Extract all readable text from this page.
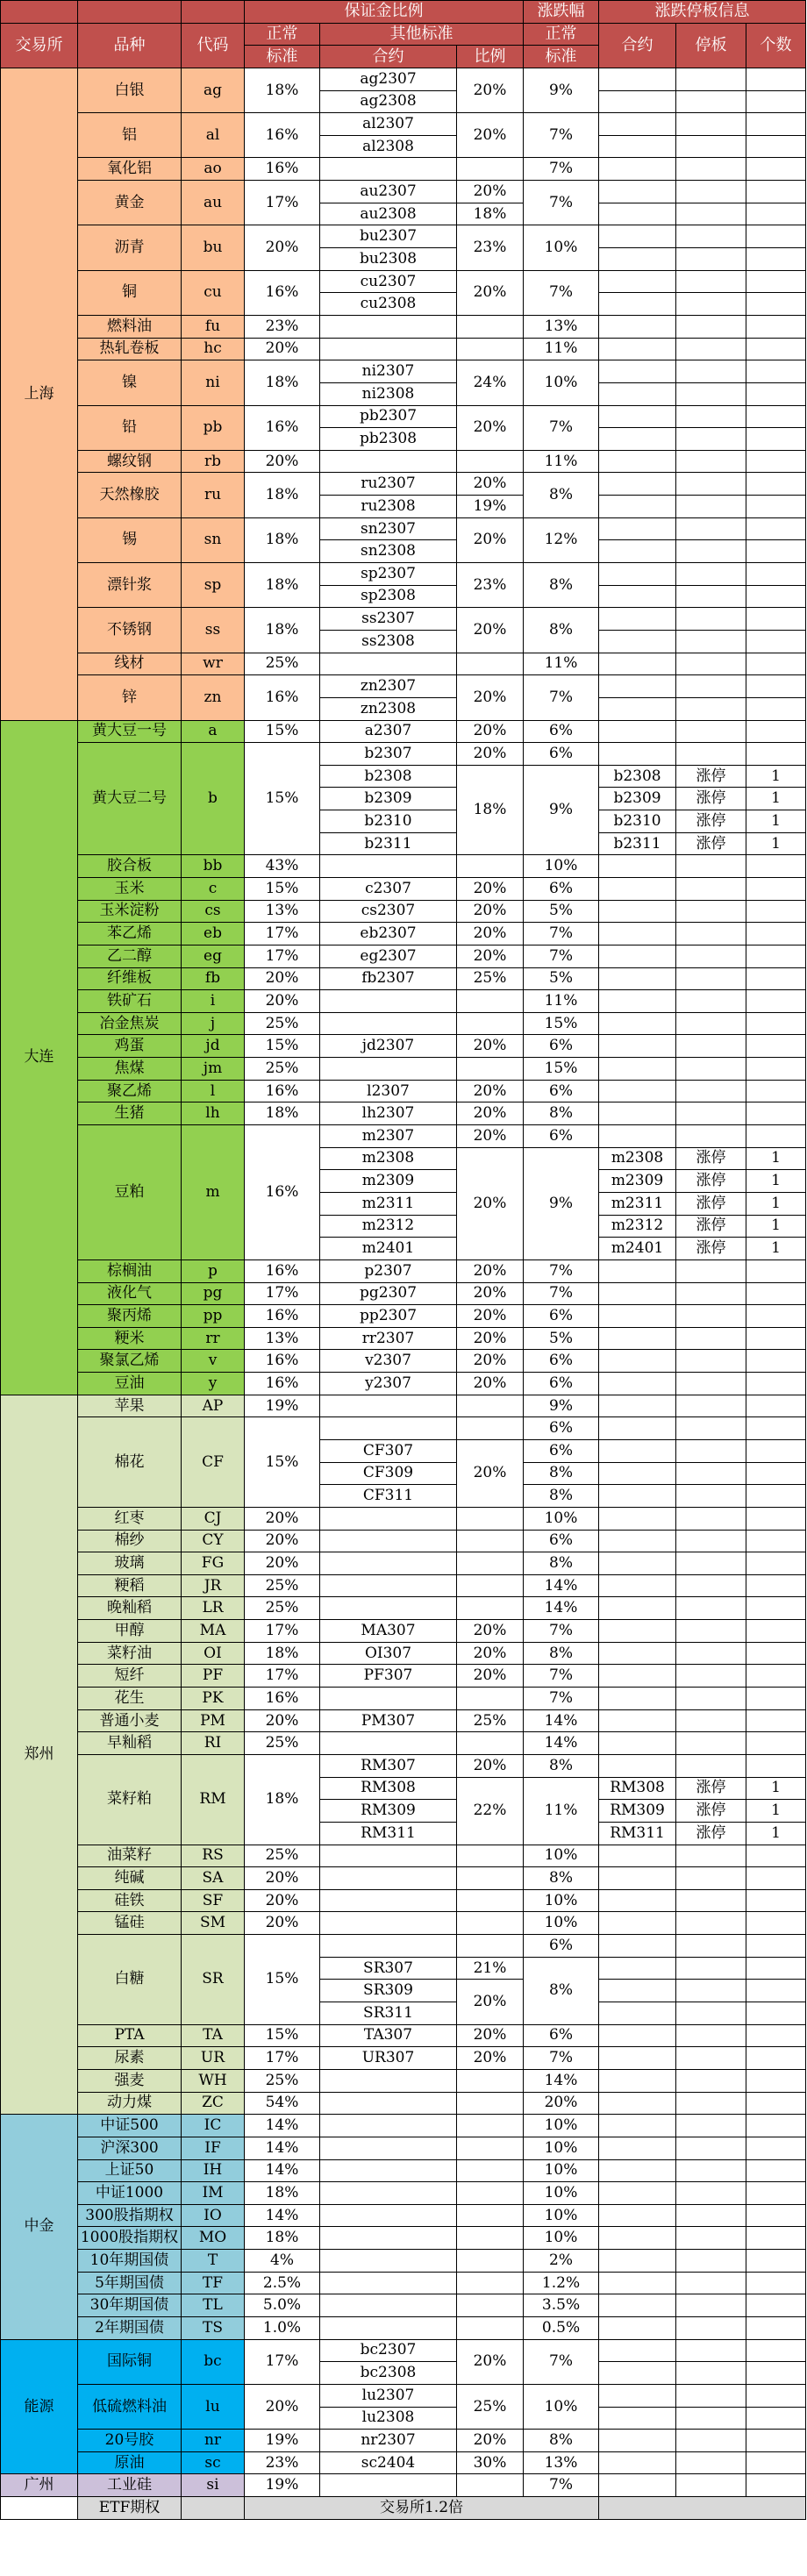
			保证金比例			涨跌幅	涨跌停板信息		
交易所	品种	代码	正常	其他标准		正常	合约	停板	个数
			标准	合约	比例	标准			
上海	白银	ag	18%	ag2307	20%	9%			
				ag2308					
	铝	al	16%	al2307	20%	7%			
				al2308					
	氧化铝	ao	16%			7%			
	黄金	au	17%	au2307	20%	7%			
				au2308	18%				
	沥青	bu	20%	bu2307	23%	10%			
				bu2308					
	铜	cu	16%	cu2307	20%	7%			
				cu2308					
	燃料油	fu	23%			13%			
	热轧卷板	hc	20%			11%			
	镍	ni	18%	ni2307	24%	10%			
				ni2308					
	铅	pb	16%	pb2307	20%	7%			
				pb2308					
	螺纹钢	rb	20%			11%			
	天然橡胶	ru	18%	ru2307	20%	8%			
				ru2308	19%				
	锡	sn	18%	sn2307	20%	12%			
				sn2308					
	漂针浆	sp	18%	sp2307	23%	8%			
				sp2308					
	不锈钢	ss	18%	ss2307	20%	8%			
				ss2308					
	线材	wr	25%			11%			
	锌	zn	16%	zn2307	20%	7%			
				zn2308					
大连	黄大豆一号	a	15%	a2307	20%	6%			
	黄大豆二号	b	15%	b2307	20%	6%			
				b2308	18%	9%	b2308	涨停	1
				b2309			b2309	涨停	1
				b2310			b2310	涨停	1
				b2311			b2311	涨停	1
	胶合板	bb	43%			10%			
	玉米	c	15%	c2307	20%	6%			
	玉米淀粉	cs	13%	cs2307	20%	5%			
	苯乙烯	eb	17%	eb2307	20%	7%			
	乙二醇	eg	17%	eg2307	20%	7%			
	纤维板	fb	20%	fb2307	25%	5%			
	铁矿石	i	20%			11%			
	冶金焦炭	j	25%			15%			
	鸡蛋	jd	15%	jd2307	20%	6%			
	焦煤	jm	25%			15%			
	聚乙烯	l	16%	l2307	20%	6%			
	生猪	lh	18%	lh2307	20%	8%			
	豆粕	m	16%	m2307	20%	6%			
				m2308	20%	9%	m2308	涨停	1
				m2309			m2309	涨停	1
				m2311			m2311	涨停	1
				m2312			m2312	涨停	1
				m2401			m2401	涨停	1
	棕榈油	p	16%	p2307	20%	7%			
	液化气	pg	17%	pg2307	20%	7%			
	聚丙烯	pp	16%	pp2307	20%	6%			
	粳米	rr	13%	rr2307	20%	5%			
	聚氯乙烯	v	16%	v2307	20%	6%			
	豆油	y	16%	y2307	20%	6%			
郑州	苹果	AP	19%			9%			
	棉花	CF	15%			6%			
				CF307	20%	6%			
				CF309		8%			
				CF311		8%			
	红枣	CJ	20%			10%			
	棉纱	CY	20%			6%			
	玻璃	FG	20%			8%			
	粳稻	JR	25%			14%			
	晚籼稻	LR	25%			14%			
	甲醇	MA	17%	MA307	20%	7%			
	菜籽油	OI	18%	OI307	20%	8%			
	短纤	PF	17%	PF307	20%	7%			
	花生	PK	16%			7%			
	普通小麦	PM	20%	PM307	25%	14%			
	早籼稻	RI	25%			14%			
	菜籽粕	RM	18%	RM307	20%	8%			
				RM308	22%	11%	RM308	涨停	1
				RM309			RM309	涨停	1
				RM311			RM311	涨停	1
	油菜籽	RS	25%			10%			
	纯碱	SA	20%			8%			
	硅铁	SF	20%			10%			
	锰硅	SM	20%			10%			
	白糖	SR	15%			6%			
				SR307	21%	8%			
				SR309	20%				
				SR311					
	PTA	TA	15%	TA307	20%	6%			
	尿素	UR	17%	UR307	20%	7%			
	强麦	WH	25%			14%			
	动力煤	ZC	54%			20%			
中金	中证500	IC	14%			10%			
	沪深300	IF	14%			10%			
	上证50	IH	14%			10%			
	中证1000	IM	18%			10%			
	300股指期权	IO	14%			10%			
	1000股指期权	MO	18%			10%			
	10年期国债	T	4%			2%			
	5年期国债	TF	2.5%			1.2%			
	30年期国债	TL	5.0%			3.5%			
	2年期国债	TS	1.0%			0.5%			
能源	国际铜	bc	17%	bc2307	20%	7%			
				bc2308					
	低硫燃料油	lu	20%	lu2307	25%	10%			
				lu2308					
	20号胶	nr	19%	nr2307	20%	8%			
	原油	sc	23%	sc2404	30%	13%			
广州	工业硅	si	19%			7%			
	ETF期权		交易所1.2倍						
